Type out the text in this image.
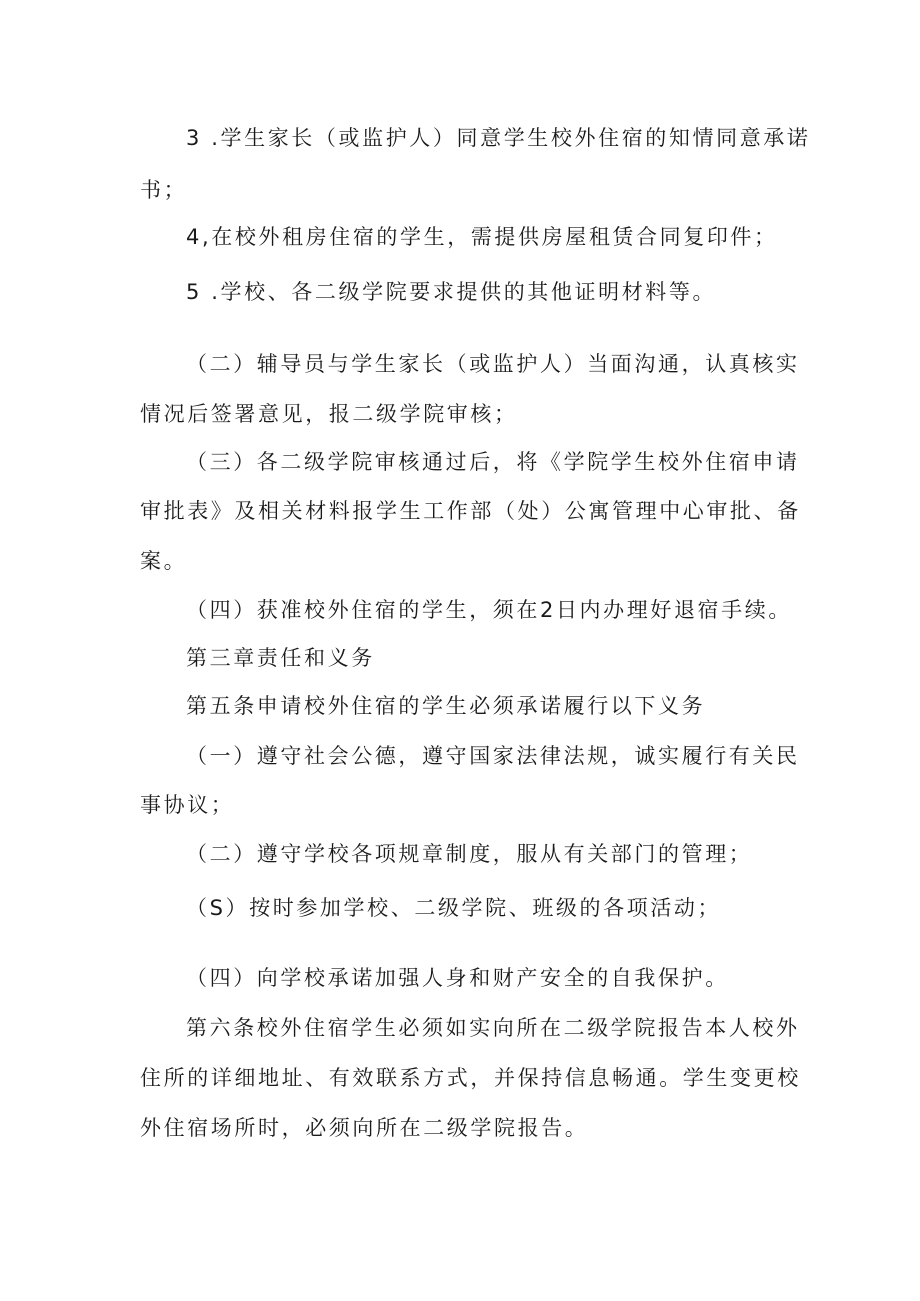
3 .学生家长（或监护人）同意学生校外住宿的知情同意承诺
书；
4,在校外租房住宿的学生，需提供房屋租赁合同复印件；
5 .学校、各二级学院要求提供的其他证明材料等。
（二）辅导员与学生家长（或监护人）当面沟通，认真核实
情况后签署意见，报二级学院审核；
（三）各二级学院审核通过后，将《学院学生校外住宿申请
审批表》及相关材料报学生工作部（处）公寓管理中心审批、备
案。
（四）获准校外住宿的学生，须在2日内办理好退宿手续。
第三章责任和义务
第五条申请校外住宿的学生必须承诺履行以下义务
（一）遵守社会公德，遵守国家法律法规，诚实履行有关民
事协议；
（二）遵守学校各项规章制度，服从有关部门的管理；
（S）按时参加学校、二级学院、班级的各项活动；
（四）向学校承诺加强人身和财产安全的自我保护。
第六条校外住宿学生必须如实向所在二级学院报告本人校外
住所的详细地址、有效联系方式，并保持信息畅通。学生变更校
外住宿场所时，必须向所在二级学院报告。
